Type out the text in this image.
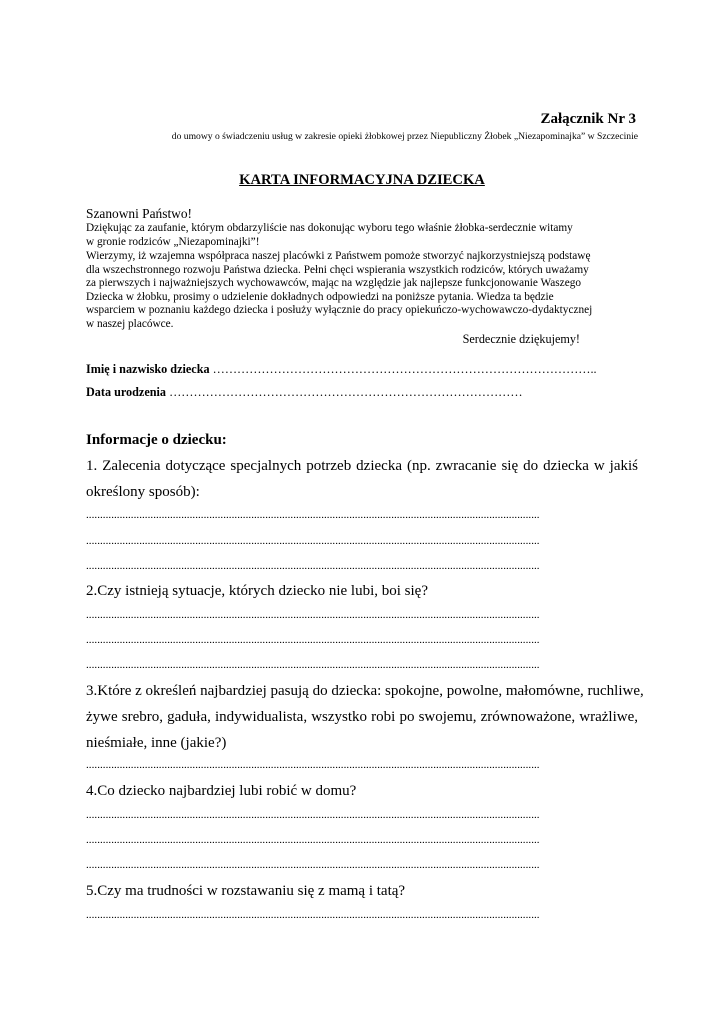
Załącznik Nr 3
do umowy o świadczeniu usług w zakresie opieki żłobkowej przez Niepubliczny Żłobek „Niezapominajka” w Szczecinie
KARTA INFORMACYJNA DZIECKA
Szanowni Państwo!
Dziękując za zaufanie, którym obdarzyliście nas dokonując wyboru tego właśnie żłobka-serdecznie witamy
w gronie rodziców „Niezapominajki”!
Wierzymy, iż wzajemna współpraca naszej placówki z Państwem pomoże stworzyć najkorzystniejszą podstawę
dla wszechstronnego rozwoju Państwa dziecka. Pełni chęci wspierania wszystkich rodziców, których uważamy
za pierwszych i najważniejszych wychowawców, mając na względzie jak najlepsze funkcjonowanie Waszego
Dziecka w żłobku, prosimy o udzielenie dokładnych odpowiedzi na poniższe pytania. Wiedza ta będzie
wsparciem w poznaniu każdego dziecka i posłuży wyłącznie do pracy opiekuńczo-wychowawczo-dydaktycznej
w naszej placówce.
Serdecznie dziękujemy!
Imię i nazwisko dziecka …………………………………………………………………………………..
Data urodzenia ……………………………………………………………………………
Informacje o dziecku:
1. Zalecenia dotyczące specjalnych potrzeb dziecka (np. zwracanie się do dziecka w jakiś
określony sposób):
..................................................................................................................................................................
..................................................................................................................................................................
..................................................................................................................................................................
2.Czy istnieją sytuacje, których dziecko nie lubi, boi się?
..................................................................................................................................................................
..................................................................................................................................................................
..................................................................................................................................................................
3.Które z określeń najbardziej pasują do dziecka: spokojne, powolne, małomówne, ruchliwe,
żywe srebro, gaduła, indywidualista, wszystko robi po swojemu, zrównoważone, wrażliwe,
nieśmiałe, inne (jakie?)
..................................................................................................................................................................
4.Co dziecko najbardziej lubi robić w domu?
..................................................................................................................................................................
..................................................................................................................................................................
..................................................................................................................................................................
5.Czy ma trudności w rozstawaniu się z mamą i tatą?
..................................................................................................................................................................
